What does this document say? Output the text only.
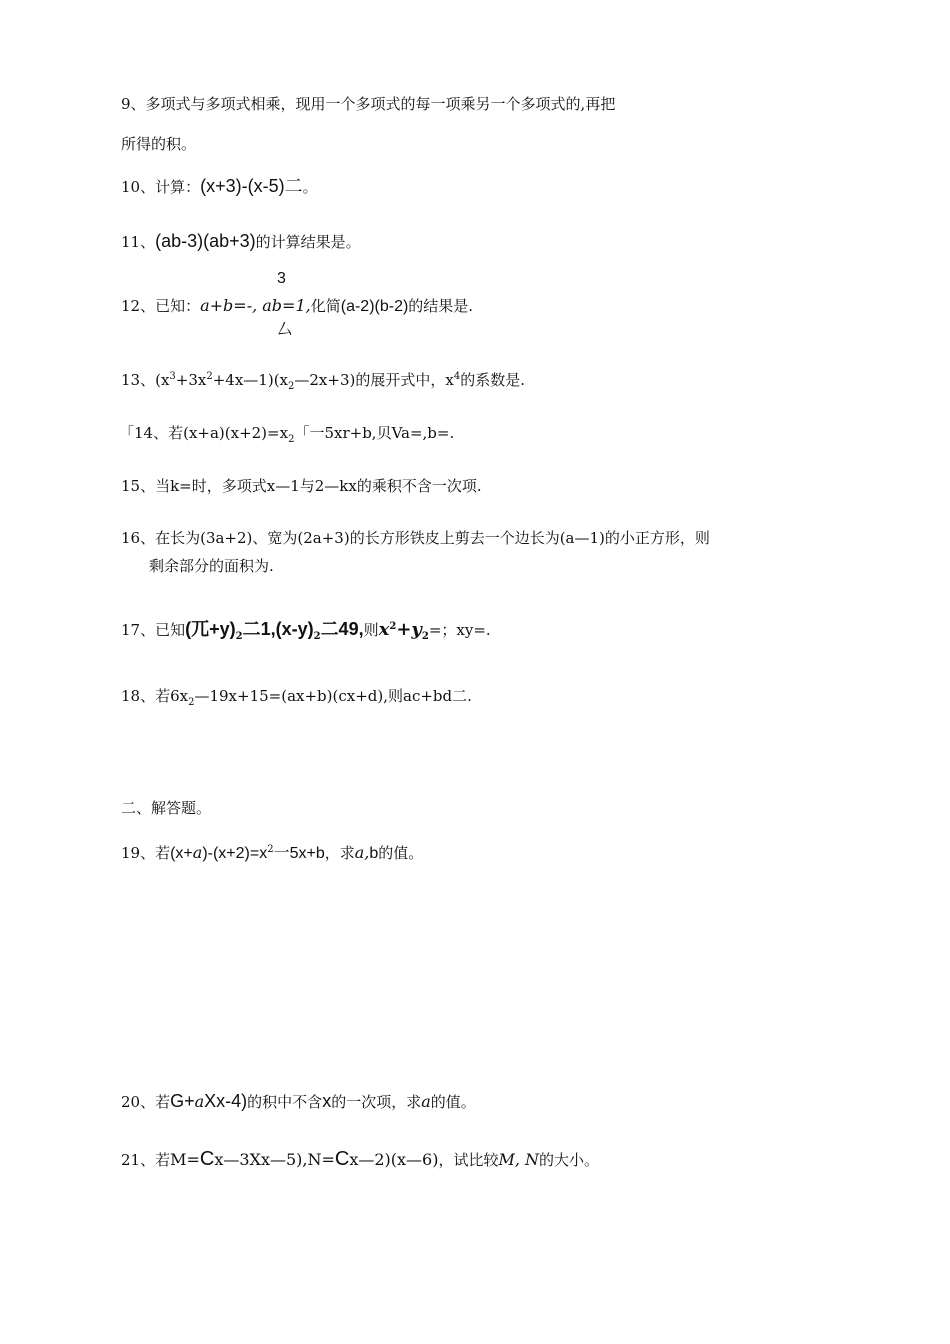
9、多项式与多项式相乘，现用一个多项式的每一项乘另一个多项式的,再把
所得的积。
10、计算：(x+3)-(x-5)二。
11、(ab-3)(ab+3)的计算结果是。
3
12、已知：a+b=-, ab=1,化简(a-2)(b-2)的结果是.
厶
13、$(x^3+3x^2+4x—1)(x_2—2x+3)$的展开式中，$x^4$的系数是.
「14、若$(x+a)(x+2)=x_2$「一5xr+b,贝Va=,b=.
15、当k=时，多项式x—1与2—kx的乘积不含一次项.
16、在长为(3a+2)、宽为(2a+3)的长方形铁皮上剪去一个边长为(a—1)的小正方形，则
剩余部分的面积为.
17、已知(兀$+y)_2$二$1,(x-y)_2$二49,则$x^2+y_2=$；xy=.
18、若$6x_2—19x+15=(ax+b)(cx+d)$,则ac+bd二.
二、解答题。
19、若$(x+a)-(x+2)=x^2$一5x+b，求a,b的值。
20、若G+aXx-4)的积中不含x的一次项，求a的值。
21、若M=Cx—3Xx—5),N=Cx—2)(x—6)，试比较M, N的大小。
